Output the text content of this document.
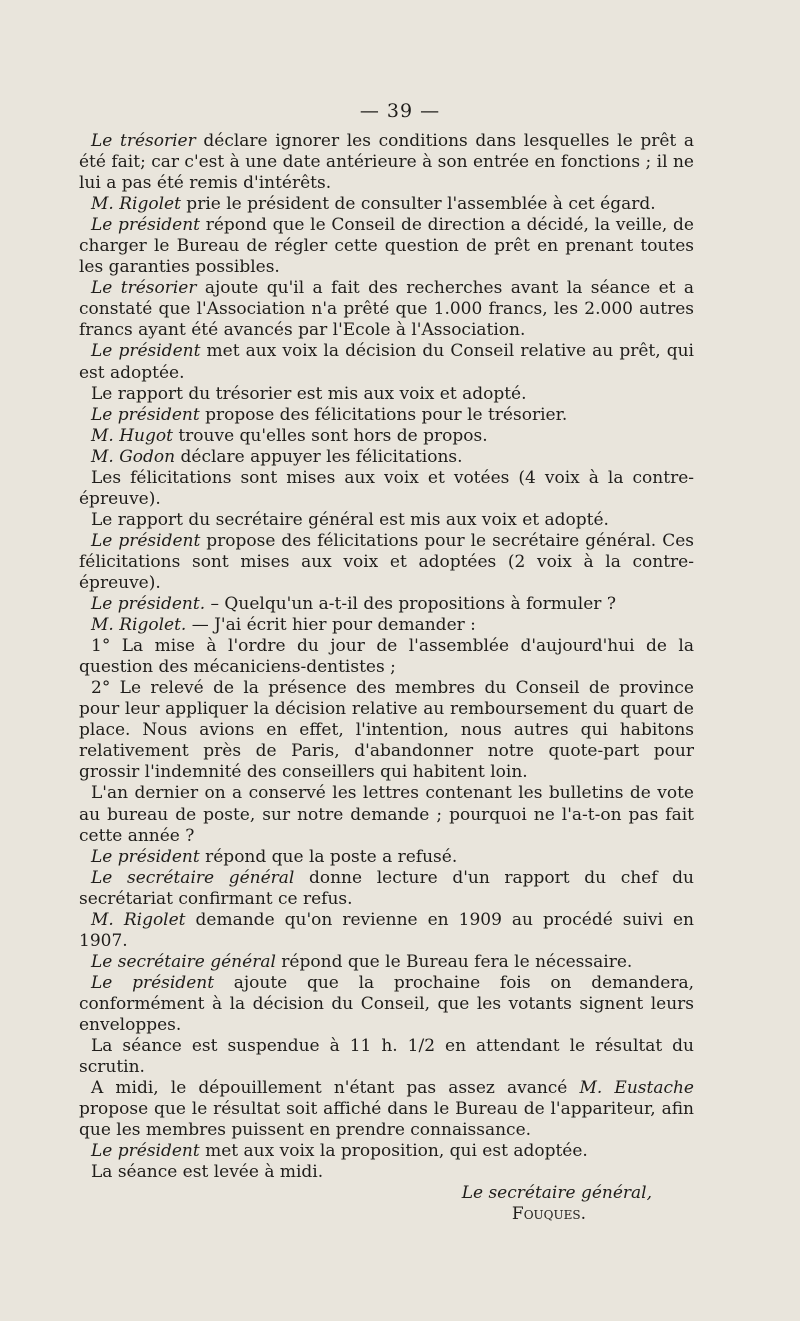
— 39 —

Le trésorier déclare ignorer les conditions dans lesquelles le prêt a été fait; car c'est à une date antérieure à son entrée en fonctions ; il ne lui a pas été remis d'intérêts.

M. Rigolet prie le président de consulter l'assemblée à cet égard.

Le président répond que le Conseil de direction a décidé, la veille, de charger le Bureau de régler cette question de prêt en prenant toutes les garanties possibles.

Le trésorier ajoute qu'il a fait des recherches avant la séance et a constaté que l'Association n'a prêté que 1.000 francs, les 2.000 autres francs ayant été avancés par l'Ecole à l'Association.

Le président met aux voix la décision du Conseil relative au prêt, qui est adoptée.

Le rapport du trésorier est mis aux voix et adopté.

Le président propose des félicitations pour le trésorier.

M. Hugot trouve qu'elles sont hors de propos.

M. Godon déclare appuyer les félicitations.

Les félicitations sont mises aux voix et votées (4 voix à la contre-épreuve).

Le rapport du secrétaire général est mis aux voix et adopté.

Le président propose des félicitations pour le secrétaire général. Ces félicitations sont mises aux voix et adoptées (2 voix à la contre-épreuve).

Le président. – Quelqu'un a-t-il des propositions à formuler ?

M. Rigolet. — J'ai écrit hier pour demander :

1° La mise à l'ordre du jour de l'assemblée d'aujourd'hui de la question des mécaniciens-dentistes ;

2° Le relevé de la présence des membres du Conseil de province pour leur appliquer la décision relative au remboursement du quart de place. Nous avions en effet, l'intention, nous autres qui habitons relativement près de Paris, d'abandonner notre quote-part pour grossir l'indemnité des conseillers qui habitent loin.

L'an dernier on a conservé les lettres contenant les bulletins de vote au bureau de poste, sur notre demande ; pourquoi ne l'a-t-on pas fait cette année ?

Le président répond que la poste a refusé.

Le secrétaire général donne lecture d'un rapport du chef du secrétariat confirmant ce refus.

M. Rigolet demande qu'on revienne en 1909 au procédé suivi en 1907.

Le secrétaire général répond que le Bureau fera le nécessaire.

Le président ajoute que la prochaine fois on demandera, conformément à la décision du Conseil, que les votants signent leurs enveloppes.

La séance est suspendue à 11 h. 1/2 en attendant le résultat du scrutin.

A midi, le dépouillement n'étant pas assez avancé M. Eustache propose que le résultat soit affiché dans le Bureau de l'appariteur, afin que les membres puissent en prendre connaissance.

Le président met aux voix la proposition, qui est adoptée.

La séance est levée à midi.

Le secrétaire général,

Fouques.
